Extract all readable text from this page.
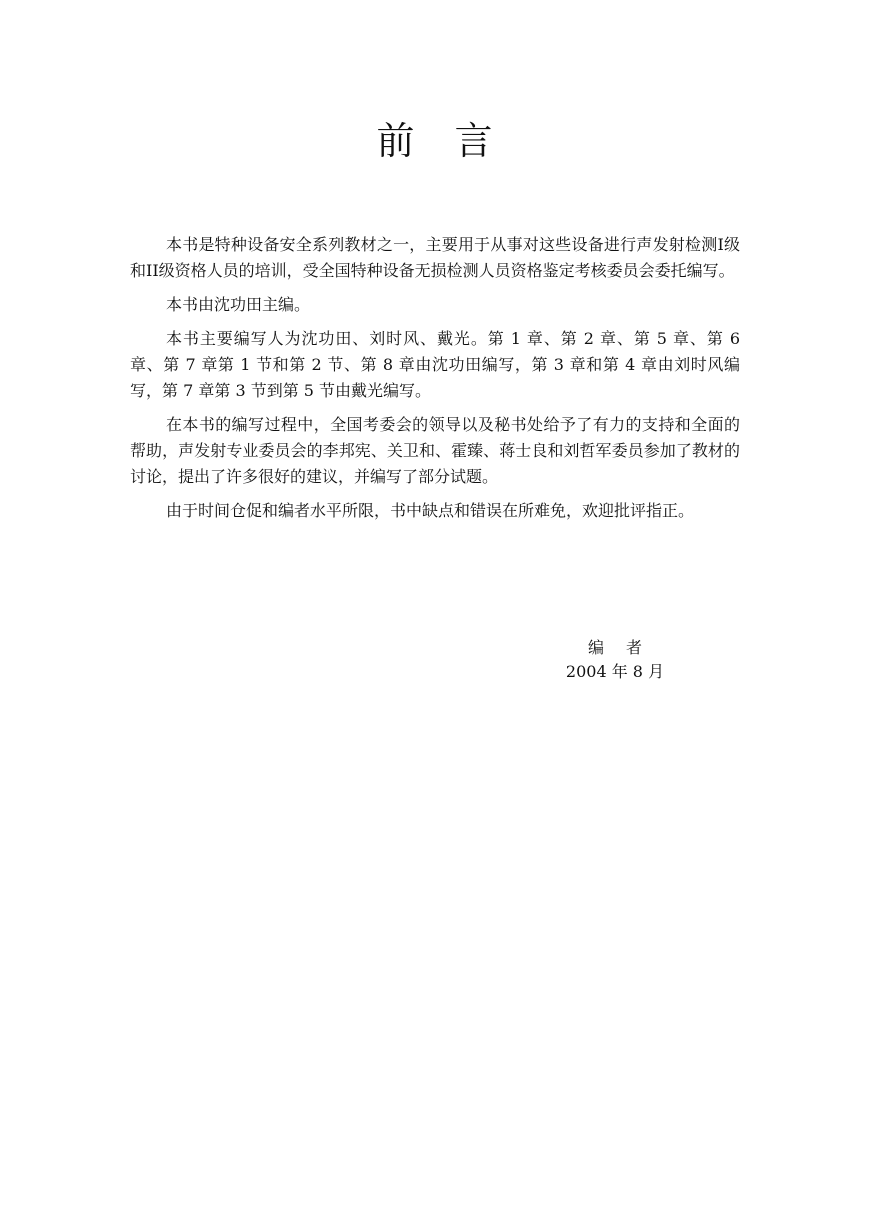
前言

本书是特种设备安全系列教材之一，主要用于从事对这些设备进行声发射检测I级和II级资格人员的培训，受全国特种设备无损检测人员资格鉴定考核委员会委托编写。

本书由沈功田主编。

本书主要编写人为沈功田、刘时风、戴光。第 1 章、第 2 章、第 5 章、第 6 章、第 7 章第 1 节和第 2 节、第 8 章由沈功田编写，第 3 章和第 4 章由刘时风编写，第 7 章第 3 节到第 5 节由戴光编写。

在本书的编写过程中，全国考委会的领导以及秘书处给予了有力的支持和全面的帮助，声发射专业委员会的李邦宪、关卫和、霍臻、蒋士良和刘哲军委员参加了教材的讨论，提出了许多很好的建议，并编写了部分试题。

由于时间仓促和编者水平所限，书中缺点和错误在所难免，欢迎批评指正。

编者
2004 年 8 月
